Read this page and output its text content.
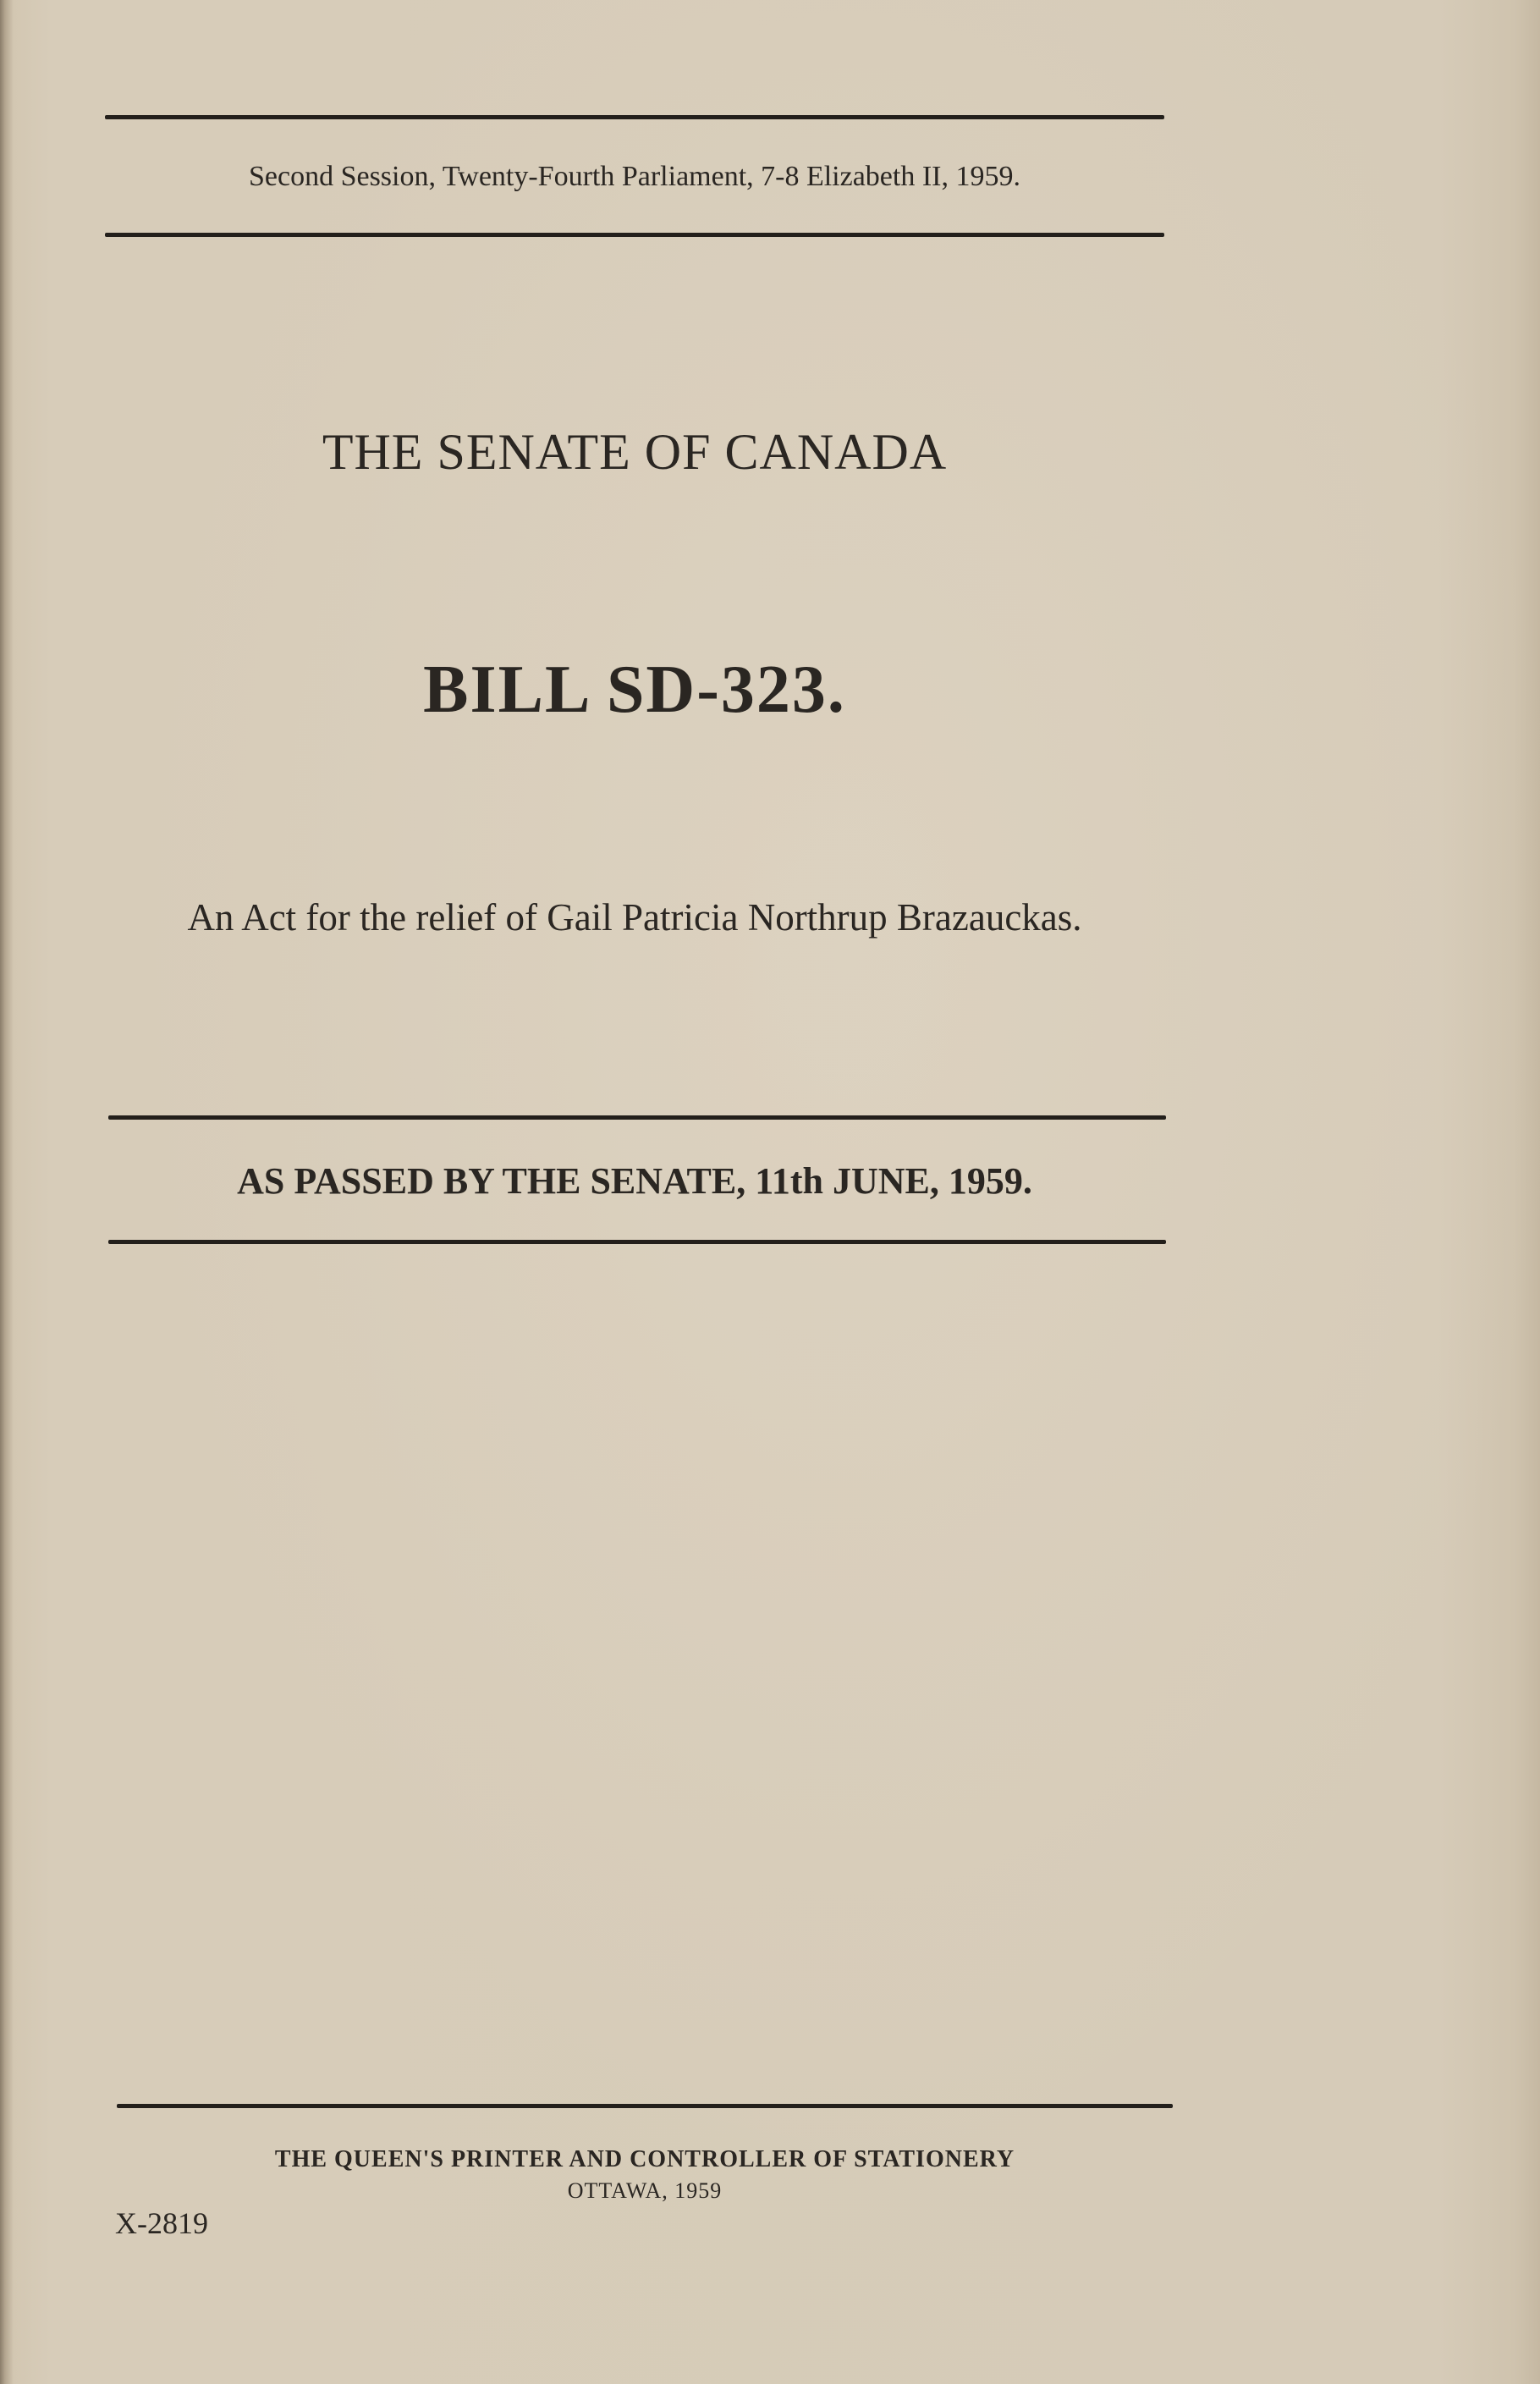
Second Session, Twenty-Fourth Parliament, 7-8 Elizabeth II, 1959.
THE SENATE OF CANADA
BILL SD-323.
An Act for the relief of Gail Patricia Northrup Brazauckas.
AS PASSED BY THE SENATE, 11th JUNE, 1959.
THE QUEEN'S PRINTER AND CONTROLLER OF STATIONERY
OTTAWA, 1959
X-2819
